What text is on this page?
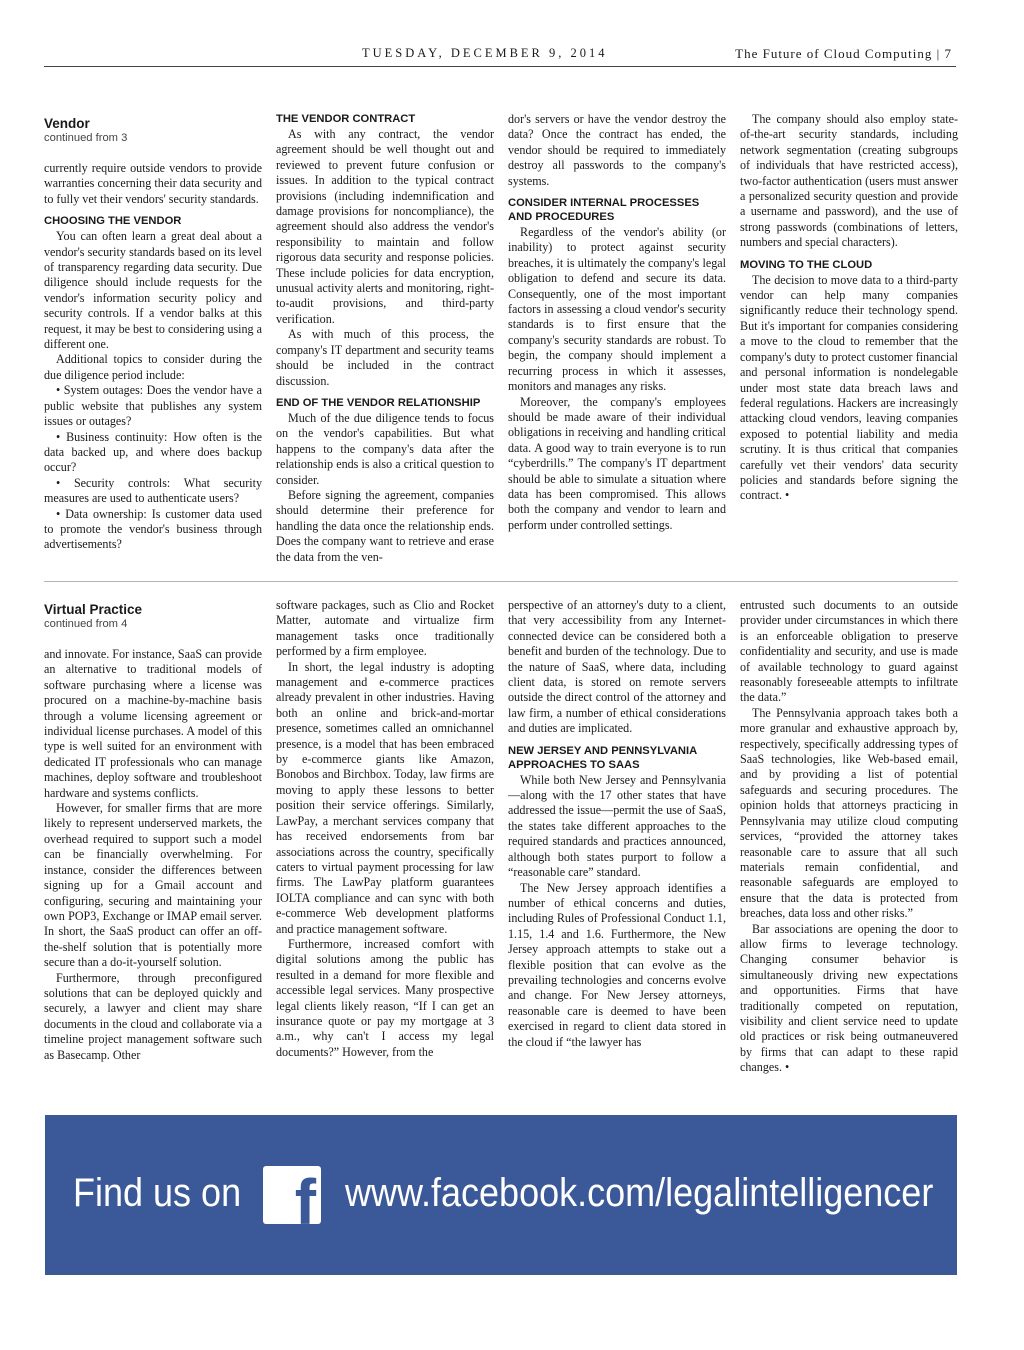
TUESDAY, DECEMBER 9, 2014	The Future of Cloud Computing | 7
Vendor
continued from 3

currently require outside vendors to provide warranties concerning their data security and to fully vet their vendors' security standards.

CHOOSING THE VENDOR

You can often learn a great deal about a vendor's security standards based on its level of transparency regarding data security. Due diligence should include requests for the vendor's information security policy and security controls. If a vendor balks at this request, it may be best to considering using a different one.

Additional topics to consider during the due diligence period include:

• System outages: Does the vendor have a public website that publishes any system issues or outages?

• Business continuity: How often is the data backed up, and where does backup occur?

• Security controls: What security measures are used to authenticate users?

• Data ownership: Is customer data used to promote the vendor's business through advertisements?

THE VENDOR CONTRACT

As with any contract, the vendor agreement should be well thought out and reviewed to prevent future confusion or issues. In addition to the typical contract provisions (including indemnification and damage provisions for noncompliance), the agreement should also address the vendor's responsibility to maintain and follow rigorous data security and response policies. These include policies for data encryption, unusual activity alerts and monitoring, right-to-audit provisions, and third-party verification.

As with much of this process, the company's IT department and security teams should be included in the contract discussion.

END OF THE VENDOR RELATIONSHIP

Much of the due diligence tends to focus on the vendor's capabilities. But what happens to the company's data after the relationship ends is also a critical question to consider.

Before signing the agreement, companies should determine their preference for handling the data once the relationship ends. Does the company want to retrieve and erase the data from the ven-

dor's servers or have the vendor destroy the data? Once the contract has ended, the vendor should be required to immediately destroy all passwords to the company's systems.

CONSIDER INTERNAL PROCESSES AND PROCEDURES

Regardless of the vendor's ability (or inability) to protect against security breaches, it is ultimately the company's legal obligation to defend and secure its data. Consequently, one of the most important factors in assessing a cloud vendor's security standards is to first ensure that the company's security standards are robust. To begin, the company should implement a recurring process in which it assesses, monitors and manages any risks.

Moreover, the company's employees should be made aware of their individual obligations in receiving and handling critical data. A good way to train everyone is to run “cyberdrills.” The company's IT department should be able to simulate a situation where data has been compromised. This allows both the company and vendor to learn and perform under controlled settings.

The company should also employ state-of-the-art security standards, including network segmentation (creating subgroups of individuals that have restricted access), two-factor authentication (users must answer a personalized security question and provide a username and password), and the use of strong passwords (combinations of letters, numbers and special characters).

MOVING TO THE CLOUD

The decision to move data to a third-party vendor can help many companies significantly reduce their technology spend. But it's important for companies considering a move to the cloud to remember that the company's duty to protect customer financial and personal information is nondelegable under most state data breach laws and federal regulations. Hackers are increasingly attacking cloud vendors, leaving companies exposed to potential liability and media scrutiny. It is thus critical that companies carefully vet their vendors' data security policies and standards before signing the contract. •

Virtual Practice
continued from 4

and innovate. For instance, SaaS can provide an alternative to traditional models of software purchasing where a license was procured on a machine-by-machine basis through a volume licensing agreement or individual license purchases. A model of this type is well suited for an environment with dedicated IT professionals who can manage machines, deploy software and troubleshoot hardware and systems conflicts.

However, for smaller firms that are more likely to represent underserved markets, the overhead required to support such a model can be financially overwhelming. For instance, consider the differences between signing up for a Gmail account and configuring, securing and maintaining your own POP3, Exchange or IMAP email server. In short, the SaaS product can offer an off-the-shelf solution that is potentially more secure than a do-it-yourself solution.

Furthermore, through preconfigured solutions that can be deployed quickly and securely, a lawyer and client may share documents in the cloud and collaborate via a timeline project management software such as Basecamp. Other

software packages, such as Clio and Rocket Matter, automate and virtualize firm management tasks once traditionally performed by a firm employee.

In short, the legal industry is adopting management and e-commerce practices already prevalent in other industries. Having both an online and brick-and-mortar presence, sometimes called an omnichannel presence, is a model that has been embraced by e-commerce giants like Amazon, Bonobos and Birchbox. Today, law firms are moving to apply these lessons to better position their service offerings. Similarly, LawPay, a merchant services company that has received endorsements from bar associations across the country, specifically caters to virtual payment processing for law firms. The LawPay platform guarantees IOLTA compliance and can sync with both e-commerce Web development platforms and practice management software.

Furthermore, increased comfort with digital solutions among the public has resulted in a demand for more flexible and accessible legal services. Many prospective legal clients likely reason, “If I can get an insurance quote or pay my mortgage at 3 a.m., why can't I access my legal documents?” However, from the

perspective of an attorney's duty to a client, that very accessibility from any Internet-connected device can be considered both a benefit and burden of the technology. Due to the nature of SaaS, where data, including client data, is stored on remote servers outside the direct control of the attorney and law firm, a number of ethical considerations and duties are implicated.

NEW JERSEY AND PENNSYLVANIA APPROACHES TO SAAS

While both New Jersey and Pennsylvania—along with the 17 other states that have addressed the issue—permit the use of SaaS, the states take different approaches to the required standards and practices announced, although both states purport to follow a “reasonable care” standard.

The New Jersey approach identifies a number of ethical concerns and duties, including Rules of Professional Conduct 1.1, 1.15, 1.4 and 1.6. Furthermore, the New Jersey approach attempts to stake out a flexible position that can evolve as the prevailing technologies and concerns evolve and change. For New Jersey attorneys, reasonable care is deemed to have been exercised in regard to client data stored in the cloud if “the lawyer has

entrusted such documents to an outside provider under circumstances in which there is an enforceable obligation to preserve confidentiality and security, and use is made of available technology to guard against reasonably foreseeable attempts to infiltrate the data.”

The Pennsylvania approach takes both a more granular and exhaustive approach by, respectively, specifically addressing types of SaaS technologies, like Web-based email, and by providing a list of potential safeguards and securing procedures. The opinion holds that attorneys practicing in Pennsylvania may utilize cloud computing services, “provided the attorney takes reasonable care to assure that all such materials remain confidential, and reasonable safeguards are employed to ensure that the data is protected from breaches, data loss and other risks.”

Bar associations are opening the door to allow firms to leverage technology. Changing consumer behavior is simultaneously driving new expectations and opportunities. Firms that have traditionally competed on reputation, visibility and client service need to update old practices or risk being outmaneuvered by firms that can adapt to these rapid changes. •

Find us on f www.facebook.com/legalintelligencer
